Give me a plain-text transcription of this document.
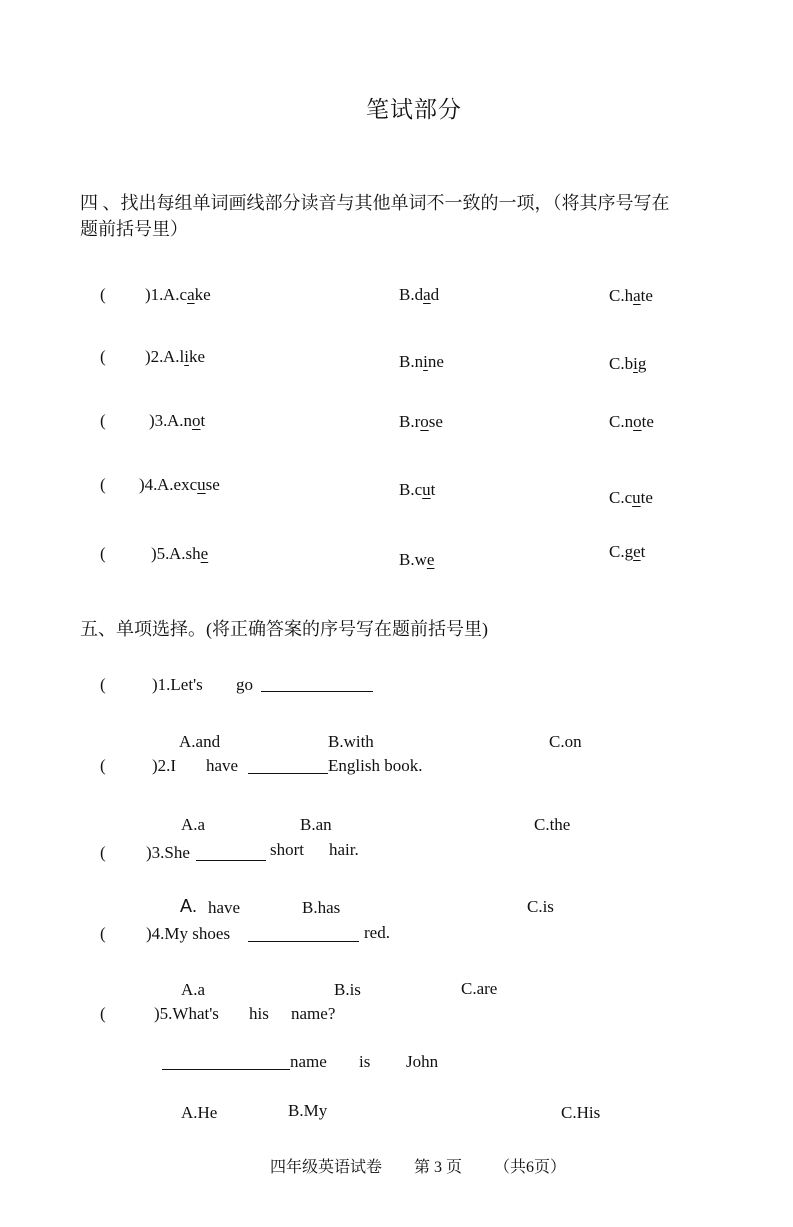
笔试部分
四 、找出每组单词画线部分读音与其他单词不一致的一项，（将其序号写在
题前括号里）
( )1. A.cake	B.dad	C.hate
( )2. A.like	B.nine	C.big
(	)3. A.not	B.rose	C.note
( )4. A.excuse	B.cut	C.cute
(	)5. A.she	B.we	C.get
五、单项选择。(将正确答案的序号写在题前括号里)
(	)1.Let's go
A.and	B.with	C.on
(	)2.I have	English book.
A.a	B.an	C.the
( )3.She	short hair.
A. have	B.has	C.is
( )4.My shoes	red.
A.a	B.is	C.are
(	)5.What's his name?
name is John
A.He	B.My	C.His
四年级英语试卷 第 3 页 （共6页）
